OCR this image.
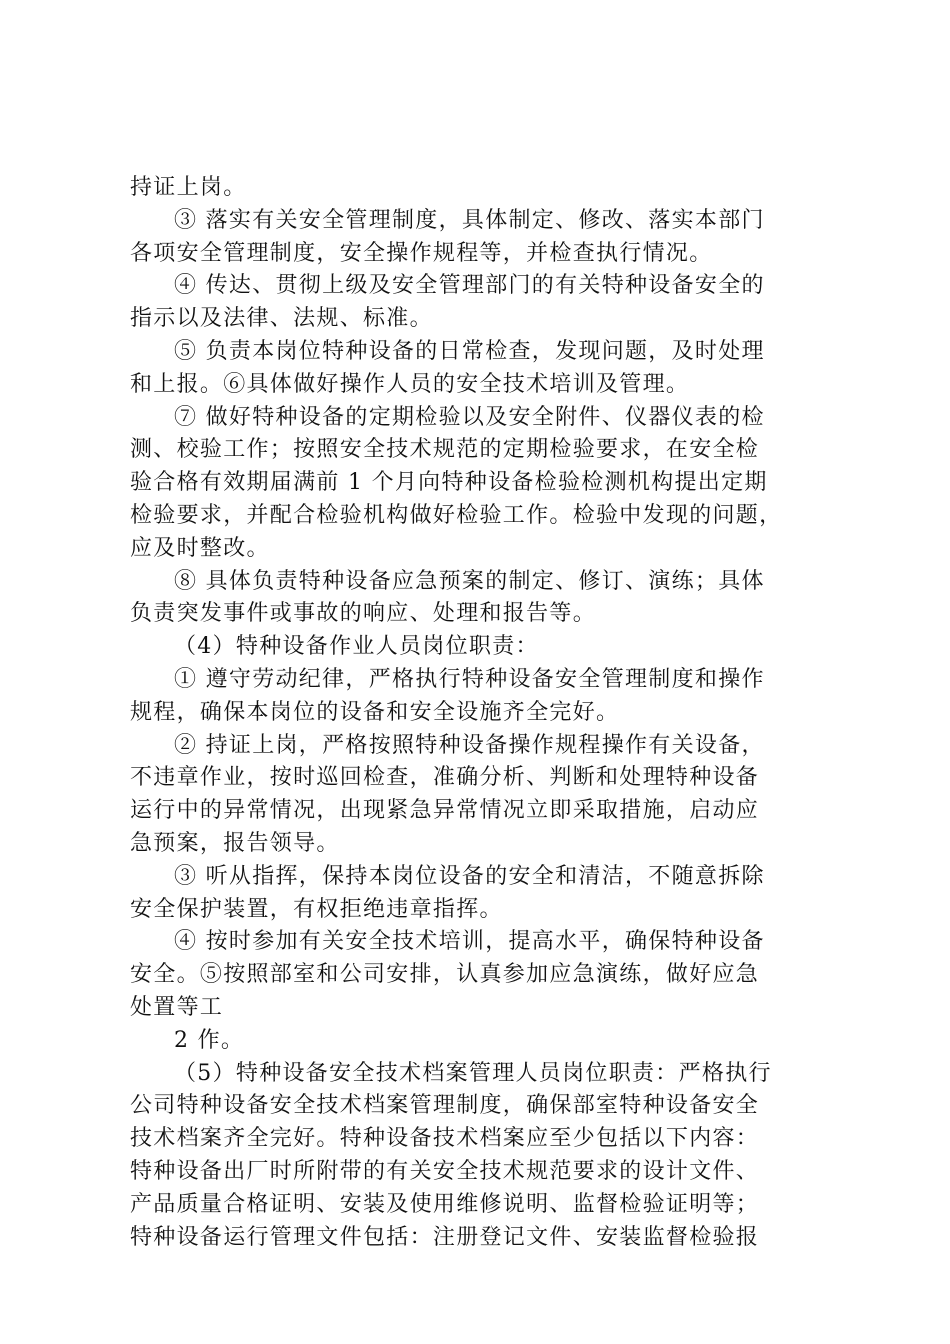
持证上岗。
③ 落实有关安全管理制度，具体制定、修改、落实本部门
各项安全管理制度，安全操作规程等，并检查执行情况。
④ 传达、贯彻上级及安全管理部门的有关特种设备安全的
指示以及法律、法规、标准。
⑤ 负责本岗位特种设备的日常检查，发现问题，及时处理
和上报。⑥具体做好操作人员的安全技术培训及管理。
⑦ 做好特种设备的定期检验以及安全附件、仪器仪表的检
测、校验工作；按照安全技术规范的定期检验要求，在安全检
验合格有效期届满前 1 个月向特种设备检验检测机构提出定期
检验要求，并配合检验机构做好检验工作。检验中发现的问题，
应及时整改。
⑧ 具体负责特种设备应急预案的制定、修订、演练；具体
负责突发事件或事故的响应、处理和报告等。
（4）特种设备作业人员岗位职责：
① 遵守劳动纪律，严格执行特种设备安全管理制度和操作
规程，确保本岗位的设备和安全设施齐全完好。
② 持证上岗，严格按照特种设备操作规程操作有关设备，
不违章作业，按时巡回检查，准确分析、判断和处理特种设备
运行中的异常情况，出现紧急异常情况立即采取措施，启动应
急预案，报告领导。
③ 听从指挥，保持本岗位设备的安全和清洁，不随意拆除
安全保护装置，有权拒绝违章指挥。
④ 按时参加有关安全技术培训，提高水平，确保特种设备
安全。⑤按照部室和公司安排，认真参加应急演练，做好应急
处置等工
2 作。
（5）特种设备安全技术档案管理人员岗位职责：严格执行
公司特种设备安全技术档案管理制度，确保部室特种设备安全
技术档案齐全完好。特种设备技术档案应至少包括以下内容：
特种设备出厂时所附带的有关安全技术规范要求的设计文件、
产品质量合格证明、安装及使用维修说明、监督检验证明等；
特种设备运行管理文件包括：注册登记文件、安装监督检验报
